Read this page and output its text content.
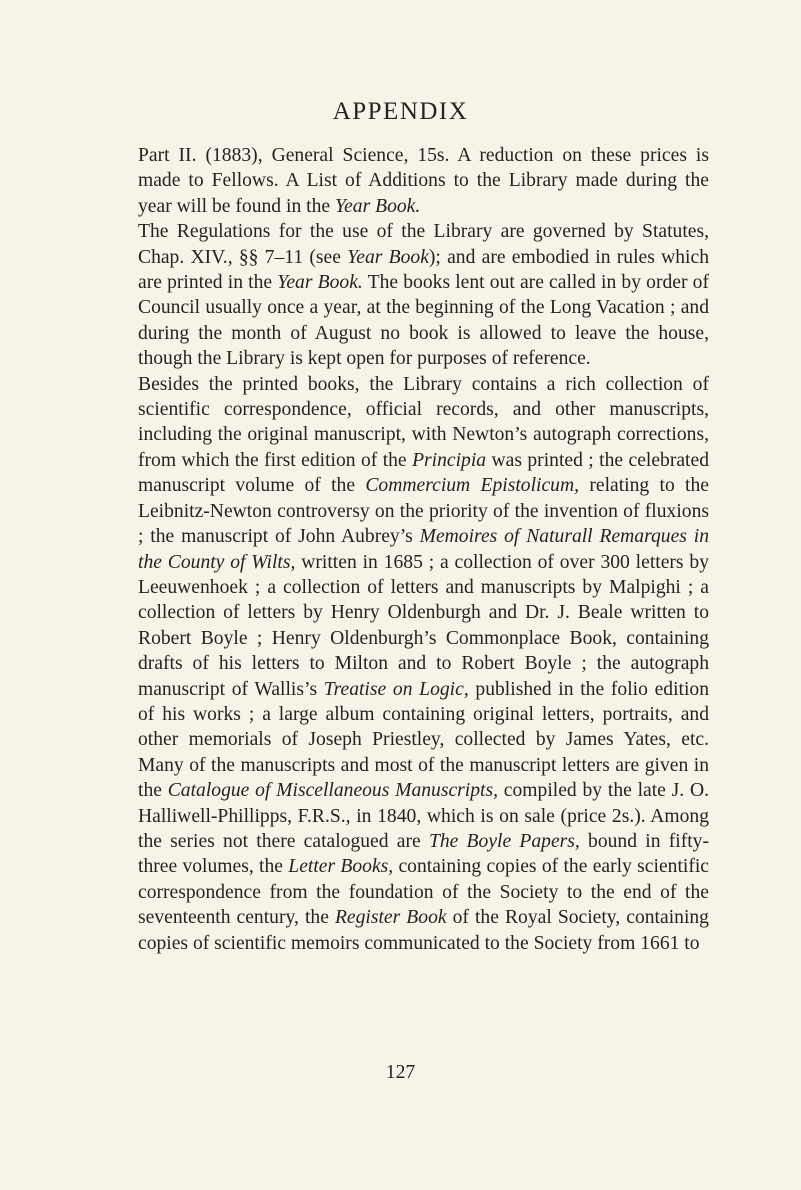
APPENDIX

Part II. (1883), General Science, 15s. A reduction on these prices is made to Fellows. A List of Additions to the Library made during the year will be found in the Year Book.

The Regulations for the use of the Library are governed by Statutes, Chap. XIV., §§ 7–11 (see Year Book); and are embodied in rules which are printed in the Year Book. The books lent out are called in by order of Council usually once a year, at the beginning of the Long Vacation ; and during the month of August no book is allowed to leave the house, though the Library is kept open for purposes of reference.

Besides the printed books, the Library contains a rich collection of scientific correspondence, official records, and other manuscripts, including the original manuscript, with Newton’s autograph corrections, from which the first edition of the Principia was printed ; the celebrated manuscript volume of the Commercium Epistolicum, relating to the Leibnitz-Newton controversy on the priority of the invention of fluxions ; the manuscript of John Aubrey’s Memoires of Naturall Remarques in the County of Wilts, written in 1685 ; a collection of over 300 letters by Leeuwenhoek ; a collection of letters and manuscripts by Malpighi ; a collection of letters by Henry Oldenburgh and Dr. J. Beale written to Robert Boyle ; Henry Oldenburgh’s Commonplace Book, containing drafts of his letters to Milton and to Robert Boyle ; the autograph manuscript of Wallis’s Treatise on Logic, published in the folio edition of his works ; a large album containing original letters, portraits, and other memorials of Joseph Priestley, collected by James Yates, etc. Many of the manuscripts and most of the manuscript letters are given in the Catalogue of Miscellaneous Manuscripts, compiled by the late J. O. Halliwell-Phillipps, F.R.S., in 1840, which is on sale (price 2s.). Among the series not there catalogued are The Boyle Papers, bound in fifty-three volumes, the Letter Books, containing copies of the early scientific correspondence from the foundation of the Society to the end of the seventeenth century, the Register Book of the Royal Society, containing copies of scientific memoirs communicated to the Society from 1661 to

127
